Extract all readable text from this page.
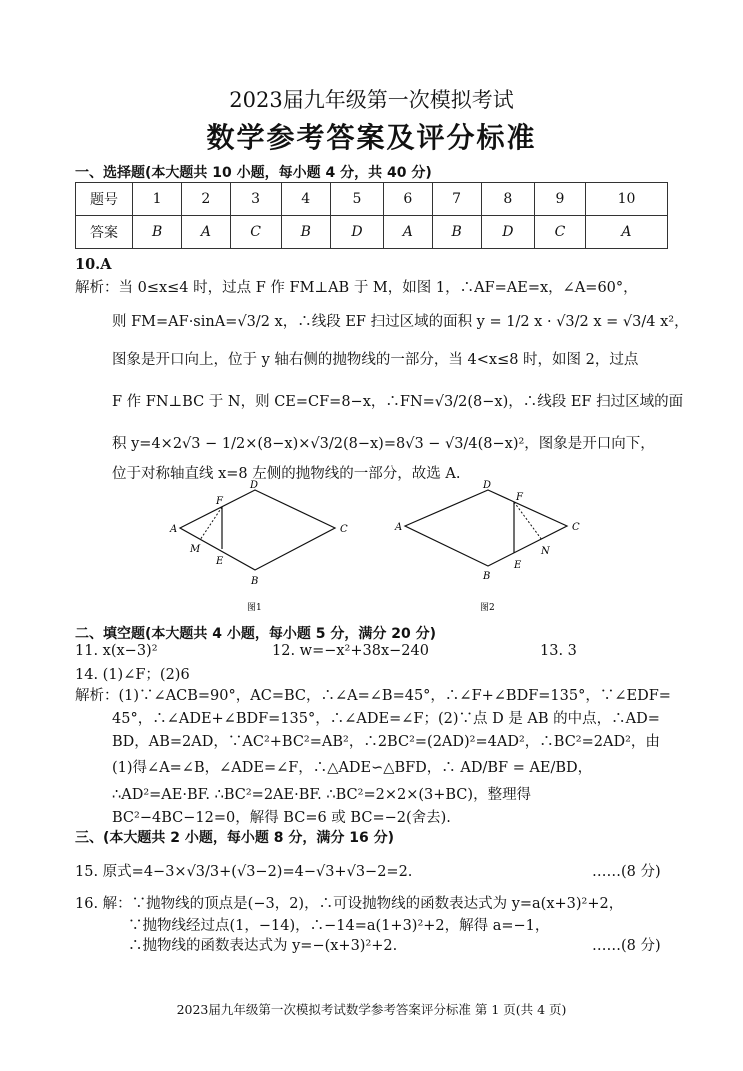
2023届九年级第一次模拟考试
数学参考答案及评分标准
一、选择题(本大题共 10 小题，每小题 4 分，共 40 分)
题号	1	2	3	4	5	6	7	8	9	10
答案	B	A	C	B	D	A	B	D	C	A
10.A
解析：当 0≤x≤4 时，过点 F 作 FM⊥AB 于 M，如图 1，∴AF=AE=x，∠A=60°，
则 FM=AF·sinA=√3/2 x，∴线段 EF 扫过区域的面积 y = 1/2 x · √3/2 x = √3/4 x²，
图象是开口向上，位于 y 轴右侧的抛物线的一部分，当 4<x≤8 时，如图 2，过点
F 作 FN⊥BC 于 N，则 CE=CF=8−x，∴FN=√3/2(8−x)，∴线段 EF 扫过区域的面
积 y=4×2√3 − 1/2×(8−x)×√3/2(8−x)=8√3 − √3/4(8−x)²，图象是开口向下，
位于对称轴直线 x=8 左侧的抛物线的一部分，故选 A.
A
D
C
B
F
E
M
图1
A
D
C
B
F
E
N
图2
二、填空题(本大题共 4 小题，每小题 5 分，满分 20 分)
11. x(x−3)²	12. w=−x²+38x−240	13. 3
14. (1)∠F；(2)6
解析：(1)∵∠ACB=90°，AC=BC，∴∠A=∠B=45°，∴∠F+∠BDF=135°，∵∠EDF=
45°，∴∠ADE+∠BDF=135°，∴∠ADE=∠F；(2)∵点 D 是 AB 的中点，∴AD=
BD，AB=2AD，∵AC²+BC²=AB²，∴2BC²=(2AD)²=4AD²，∴BC²=2AD²，由
(1)得∠A=∠B，∠ADE=∠F，∴△ADE∽△BFD，∴ AD/BF = AE/BD，
∴AD²=AE·BF. ∴BC²=2AE·BF. ∴BC²=2×2×(3+BC)，整理得
BC²−4BC−12=0，解得 BC=6 或 BC=−2(舍去).
三、(本大题共 2 小题，每小题 8 分，满分 16 分)
15. 原式=4−3×√3/3+(√3−2)=4−√3+√3−2=2.	……(8 分)
16. 解：∵抛物线的顶点是(−3，2)，∴可设抛物线的函数表达式为 y=a(x+3)²+2，
∵抛物线经过点(1，−14)，∴−14=a(1+3)²+2，解得 a=−1，
∴抛物线的函数表达式为 y=−(x+3)²+2.	……(8 分)
2023届九年级第一次模拟考试数学参考答案评分标准 第 1 页(共 4 页)
